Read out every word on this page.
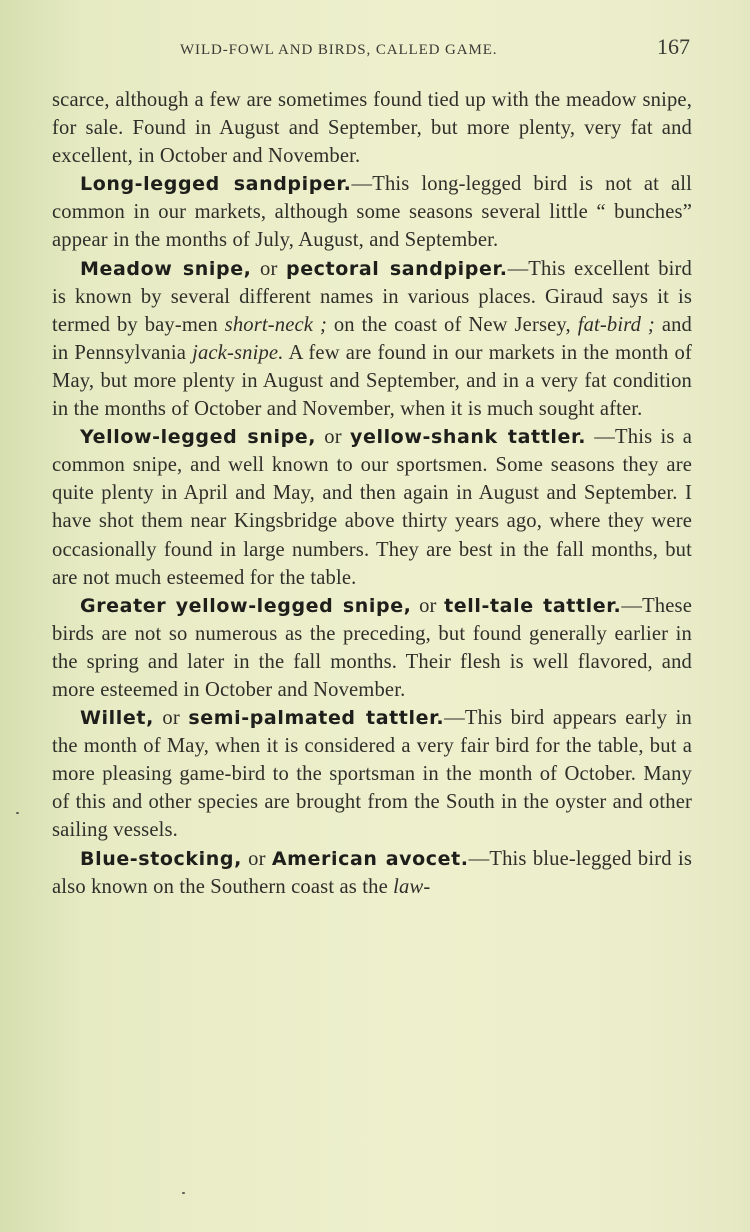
WILD-FOWL AND BIRDS, CALLED GAME.	167

scarce, although a few are sometimes found tied up with the meadow snipe, for sale. Found in August and September, but more plenty, very fat and excellent, in October and November.

Long-legged sandpiper.—This long-legged bird is not at all common in our markets, although some seasons several little “ bunches” appear in the months of July, August, and September.

Meadow snipe, or pectoral sandpiper.—This excellent bird is known by several different names in various places. Giraud says it is termed by bay-men short-neck ; on the coast of New Jersey, fat-bird ; and in Pennsylvania jack-snipe. A few are found in our markets in the month of May, but more plenty in August and September, and in a very fat condition in the months of October and November, when it is much sought after.

Yellow-legged snipe, or yellow-shank tattler. —This is a common snipe, and well known to our sportsmen. Some seasons they are quite plenty in April and May, and then again in August and September. I have shot them near Kingsbridge above thirty years ago, where they were occasionally found in large numbers. They are best in the fall months, but are not much esteemed for the table.

Greater yellow-legged snipe, or tell-tale tattler.—These birds are not so numerous as the preceding, but found generally earlier in the spring and later in the fall months. Their flesh is well flavored, and more esteemed in October and November.

Willet, or semi-palmated tattler.—This bird appears early in the month of May, when it is considered a very fair bird for the table, but a more pleasing game-bird to the sportsman in the month of October. Many of this and other species are brought from the South in the oyster and other sailing vessels.

Blue-stocking, or American avocet.—This blue-legged bird is also known on the Southern coast as the law-
